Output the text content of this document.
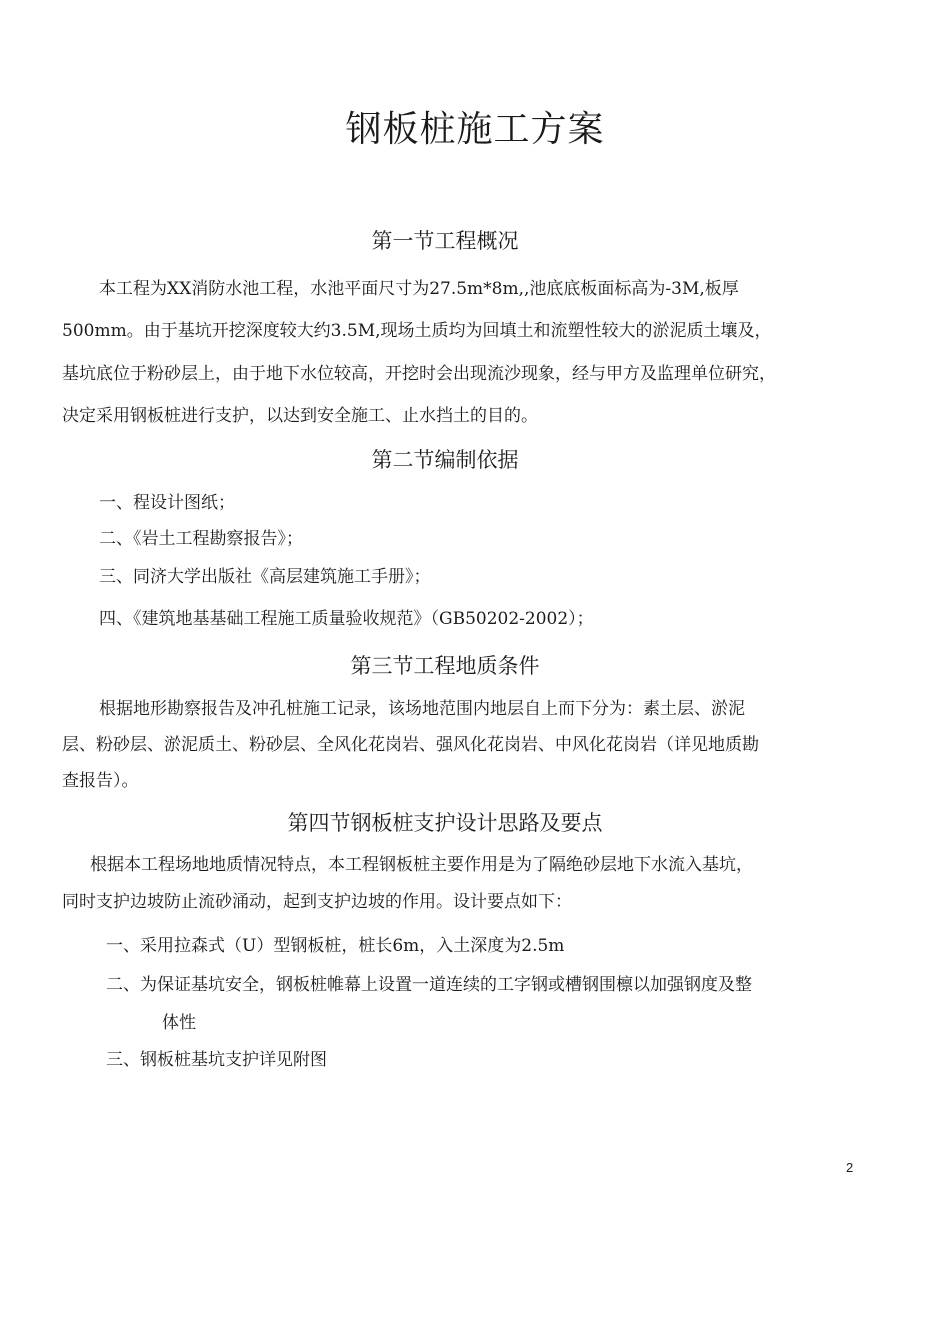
钢板桩施工方案
第一节工程概况
本工程为XX消防水池工程，水池平面尺寸为27.5m*8m,,池底底板面标高为-3M,板厚
500mm。由于基坑开挖深度较大约3.5M,现场土质均为回填土和流塑性较大的淤泥质土壤及，
基坑底位于粉砂层上，由于地下水位较高，开挖时会出现流沙现象，经与甲方及监理单位研究，
决定采用钢板桩进行支护，以达到安全施工、止水挡土的目的。
第二节编制依据
一、程设计图纸；
二、《岩土工程勘察报告》；
三、同济大学出版社《高层建筑施工手册》；
四、《建筑地基基础工程施工质量验收规范》（GB50202-2002）；
第三节工程地质条件
根据地形勘察报告及冲孔桩施工记录，该场地范围内地层自上而下分为：素土层、淤泥
层、粉砂层、淤泥质土、粉砂层、全风化花岗岩、强风化花岗岩、中风化花岗岩（详见地质勘
查报告）。
第四节钢板桩支护设计思路及要点
根据本工程场地地质情况特点，本工程钢板桩主要作用是为了隔绝砂层地下水流入基坑，
同时支护边坡防止流砂涌动，起到支护边坡的作用。设计要点如下：
一、采用拉森式（U）型钢板桩，桩长6m，入土深度为2.5m
二、为保证基坑安全，钢板桩帷幕上设置一道连续的工字钢或槽钢围檩以加强钢度及整
体性
三、钢板桩基坑支护详见附图
2
